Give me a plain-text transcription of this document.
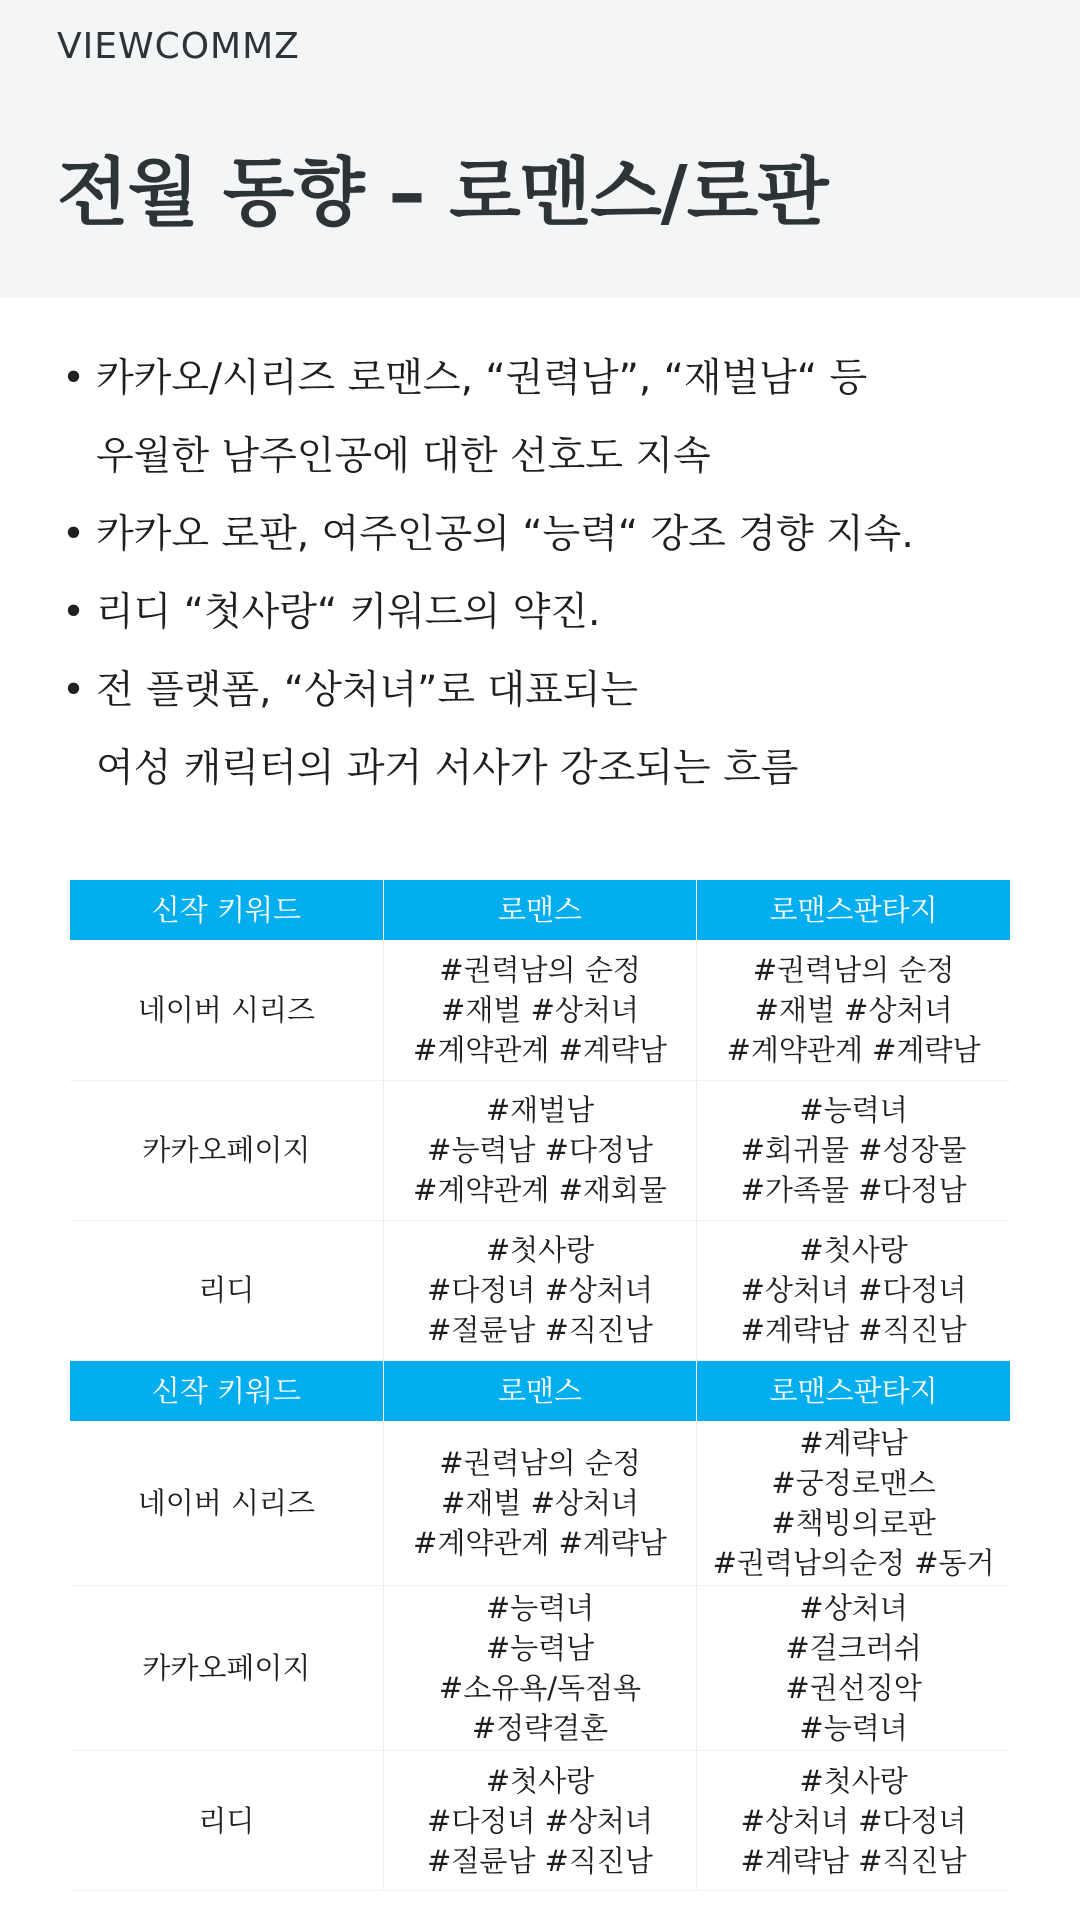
VIEWCOMMZ
전월 동향 – 로맨스/로판
• 카카오/시리즈 로맨스, “권력남”, “재벌남“ 등
우월한 남주인공에 대한 선호도 지속
• 카카오 로판, 여주인공의 “능력“ 강조 경향 지속.
• 리디 “첫사랑“ 키워드의 약진.
• 전 플랫폼, “상처녀”로 대표되는
여성 캐릭터의 과거 서사가 강조되는 흐름
신작 키워드	로맨스	로맨스판타지
네이버 시리즈	#권력남의 순정
#재벌 #상처녀
#계약관계 #계략남	#권력남의 순정
#재벌 #상처녀
#계약관계 #계략남

카카오페이지	#재벌남
#능력남 #다정남
#계약관계 #재회물	#능력녀
#회귀물 #성장물
#가족물 #다정남

리디	#첫사랑
#다정녀 #상처녀
#절륜남 #직진남	#첫사랑
#상처녀 #다정녀
#계략남 #직진남
신작 키워드	로맨스	로맨스판타지
네이버 시리즈	#권력남의 순정
#재벌 #상처녀
#계약관계 #계략남	#계략남
#궁정로맨스
#책빙의로판
#권력남의순정 #동거

카카오페이지	#능력녀
#능력남
#소유욕/독점욕
#정략결혼	#상처녀
#걸크러쉬
#권선징악
#능력녀

리디	#첫사랑
#다정녀 #상처녀
#절륜남 #직진남	#첫사랑
#상처녀 #다정녀
#계략남 #직진남
